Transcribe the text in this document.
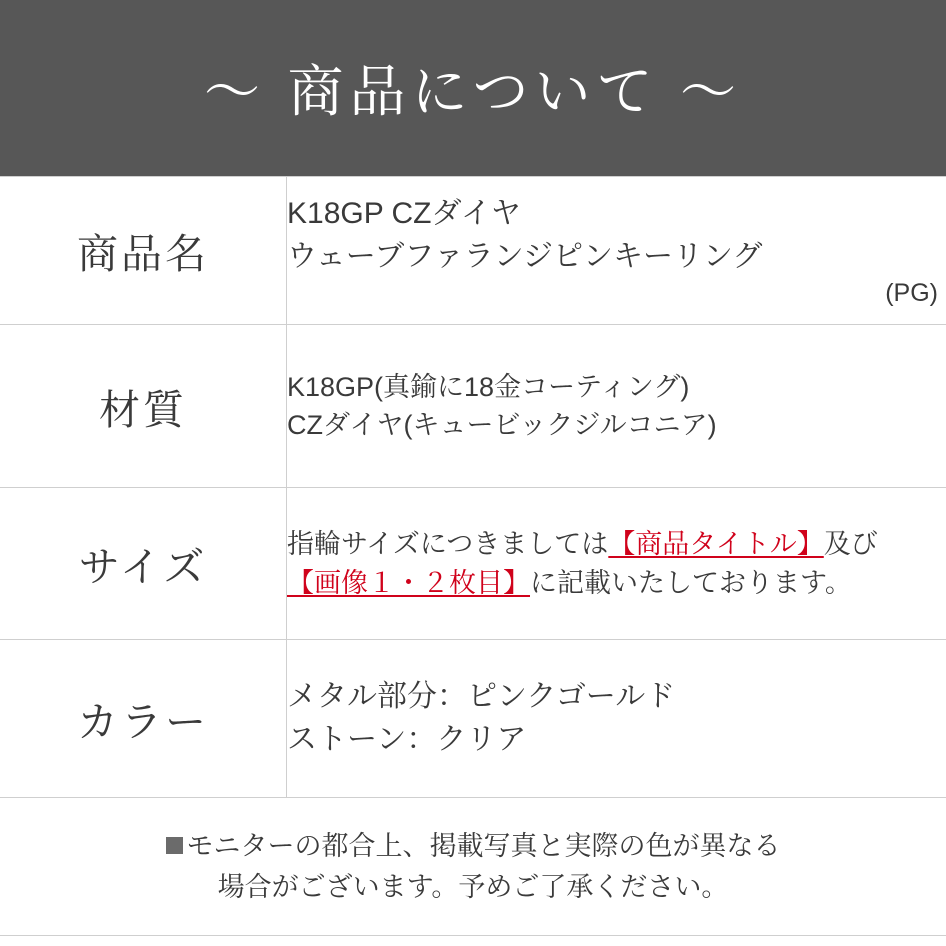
〜 商品について 〜
商品名	K18GP CZダイヤ
ウェーブファランジピンキーリング
(PG)

材質	K18GP(真鍮に18金コーティング)
CZダイヤ(キュービックジルコニア)

サイズ	指輪サイズにつきましては【商品タイトル】及び
【画像１・２枚目】に記載いたしております。

カラー	メタル部分：ピンクゴールド
ストーン：クリア

モニターの都合上、掲載写真と実際の色が異なる
場合がございます。予めご了承ください。	
